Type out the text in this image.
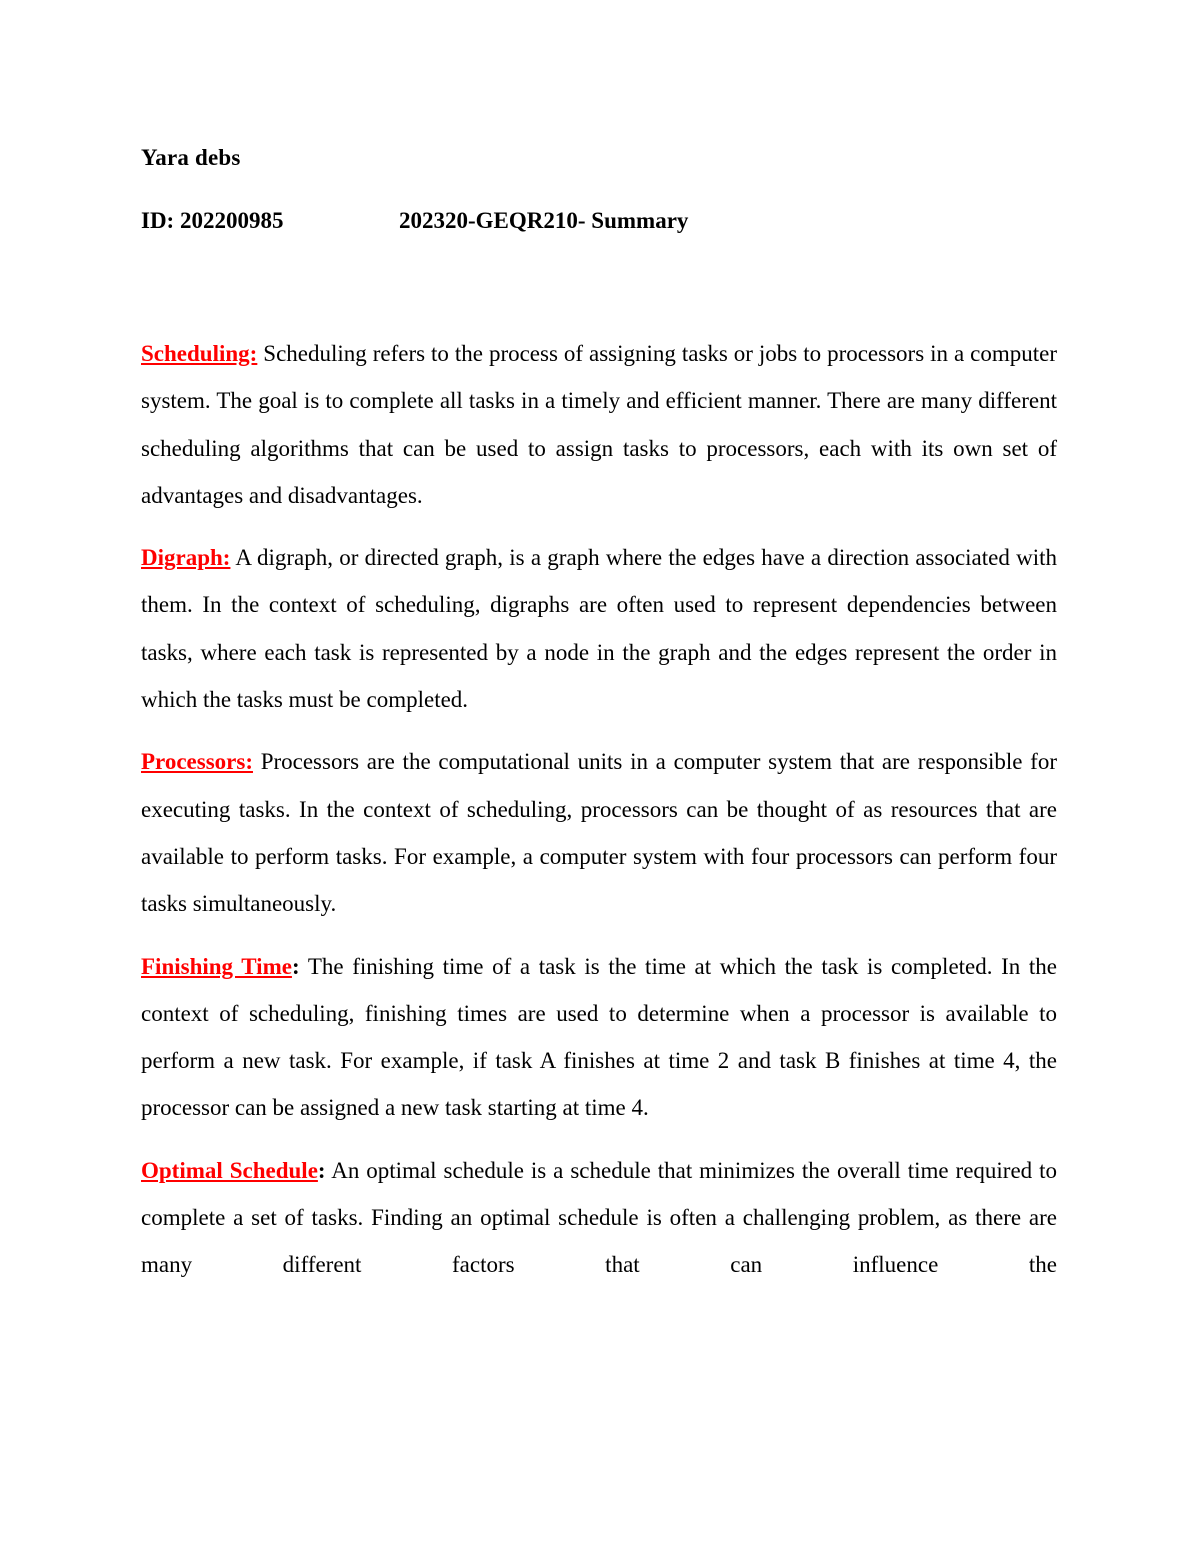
Yara debs
ID: 202200985	202320-GEQR210- Summary

Scheduling: Scheduling refers to the process of assigning tasks or jobs to processors in a computer system. The goal is to complete all tasks in a timely and efficient manner. There are many different scheduling algorithms that can be used to assign tasks to processors, each with its own set of advantages and disadvantages.

Digraph: A digraph, or directed graph, is a graph where the edges have a direction associated with them. In the context of scheduling, digraphs are often used to represent dependencies between tasks, where each task is represented by a node in the graph and the edges represent the order in which the tasks must be completed.

Processors: Processors are the computational units in a computer system that are responsible for executing tasks. In the context of scheduling, processors can be thought of as resources that are available to perform tasks. For example, a computer system with four processors can perform four tasks simultaneously.

Finishing Time: The finishing time of a task is the time at which the task is completed. In the context of scheduling, finishing times are used to determine when a processor is available to perform a new task. For example, if task A finishes at time 2 and task B finishes at time 4, the processor can be assigned a new task starting at time 4.

Optimal Schedule: An optimal schedule is a schedule that minimizes the overall time required to complete a set of tasks. Finding an optimal schedule is often a challenging problem, as there are many different factors that can influence the
